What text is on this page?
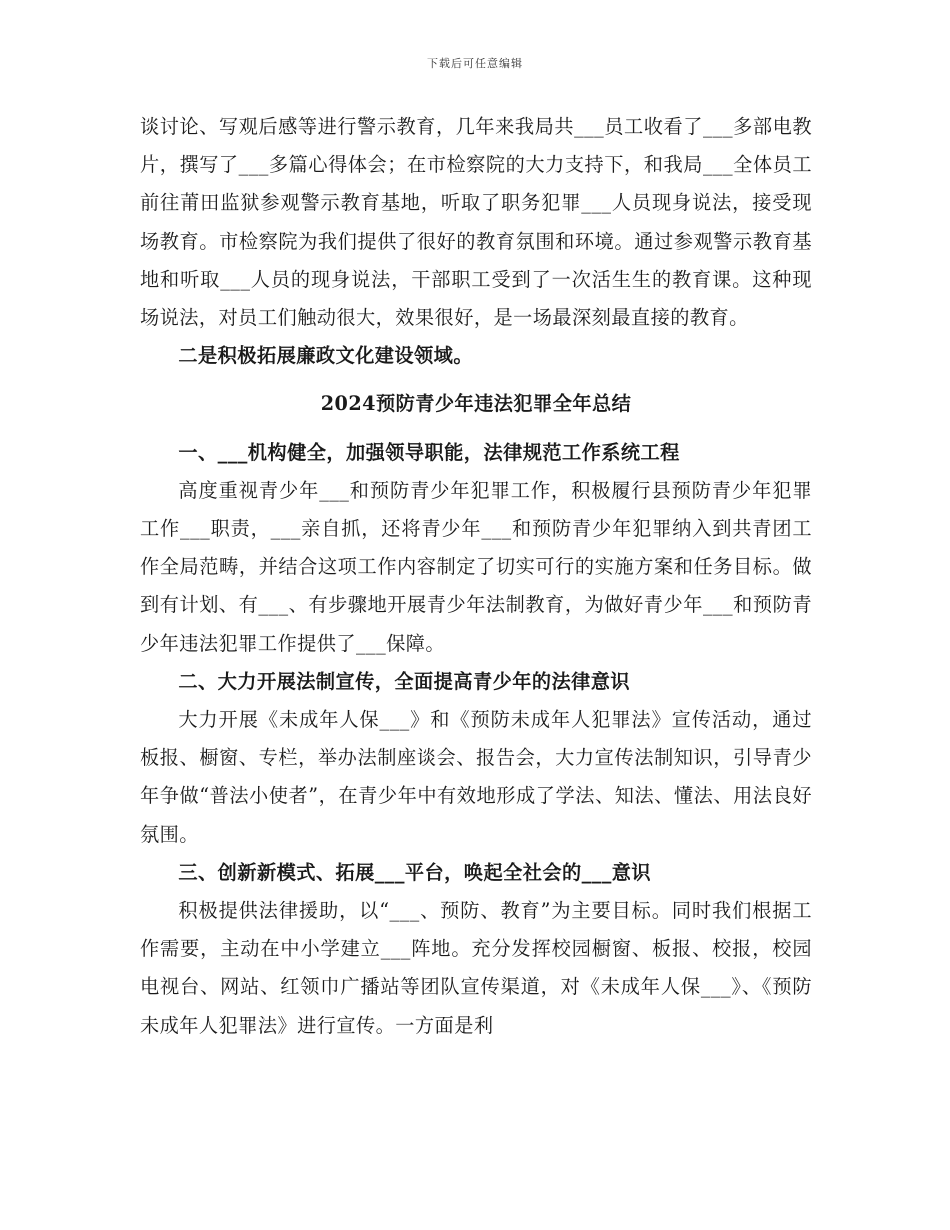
下载后可任意编辑

谈讨论、写观后感等进行警示教育，几年来我局共___员工收看了___多部电教片，撰写了___多篇心得体会；在市检察院的大力支持下，和我局___全体员工前往莆田监狱参观警示教育基地，听取了职务犯罪___人员现身说法，接受现场教育。市检察院为我们提供了很好的教育氛围和环境。通过参观警示教育基地和听取___人员的现身说法，干部职工受到了一次活生生的教育课。这种现场说法，对员工们触动很大，效果很好，是一场最深刻最直接的教育。

二是积极拓展廉政文化建设领域。

2024预防青少年违法犯罪全年总结

一、___机构健全，加强领导职能，法律规范工作系统工程

高度重视青少年___和预防青少年犯罪工作，积极履行县预防青少年犯罪工作___职责，___亲自抓，还将青少年___和预防青少年犯罪纳入到共青团工作全局范畴，并结合这项工作内容制定了切实可行的实施方案和任务目标。做到有计划、有___、有步骤地开展青少年法制教育，为做好青少年___和预防青少年违法犯罪工作提供了___保障。

二、大力开展法制宣传，全面提高青少年的法律意识

大力开展《未成年人保___》和《预防未成年人犯罪法》宣传活动，通过板报、橱窗、专栏，举办法制座谈会、报告会，大力宣传法制知识，引导青少年争做“普法小使者”，在青少年中有效地形成了学法、知法、懂法、用法良好氛围。

三、创新新模式、拓展___平台，唤起全社会的___意识

积极提供法律援助，以“___、预防、教育”为主要目标。同时我们根据工作需要，主动在中小学建立___阵地。充分发挥校园橱窗、板报、校报，校园电视台、网站、红领巾广播站等团队宣传渠道，对《未成年人保___》、《预防未成年人犯罪法》进行宣传。一方面是利
